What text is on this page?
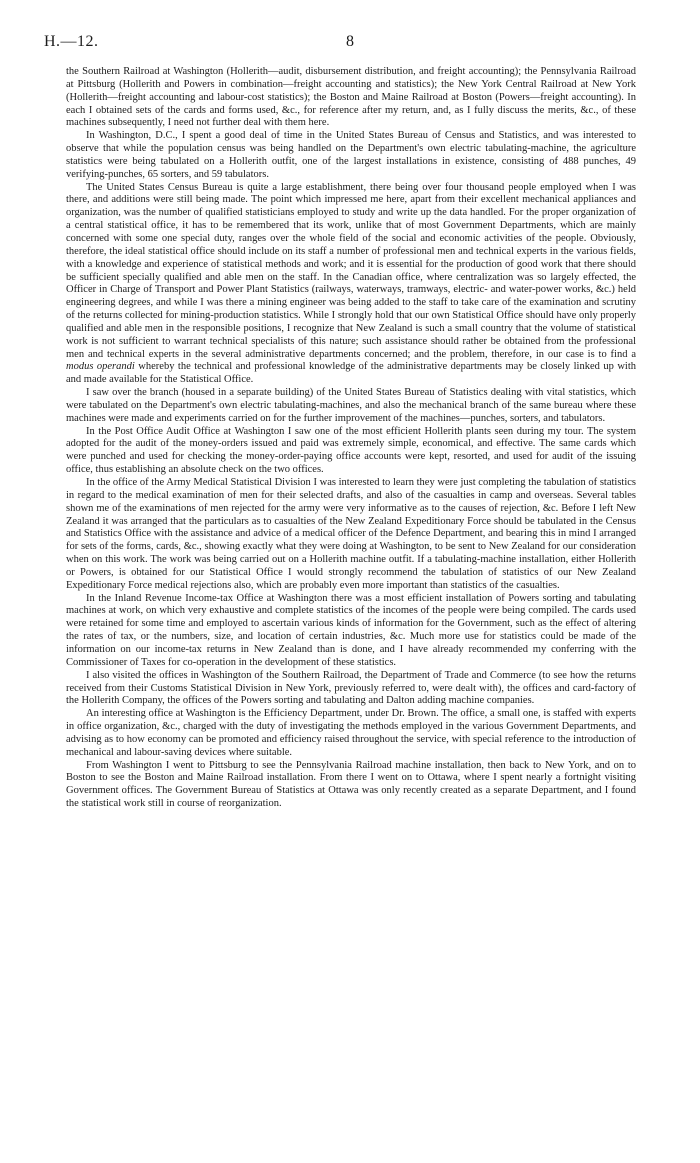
H.—12.	8

the Southern Railroad at Washington (Hollerith—audit, disbursement distribution, and freight accounting); the Pennsylvania Railroad at Pittsburg (Hollerith and Powers in combination—freight accounting and statistics); the New York Central Railroad at New York (Hollerith—freight accounting and labour-cost statistics); the Boston and Maine Railroad at Boston (Powers—freight accounting). In each I obtained sets of the cards and forms used, &c., for reference after my return, and, as I fully discuss the merits, &c., of these machines subsequently, I need not further deal with them here.

In Washington, D.C., I spent a good deal of time in the United States Bureau of Census and Statistics, and was interested to observe that while the population census was being handled on the Department's own electric tabulating-machine, the agriculture statistics were being tabulated on a Hollerith outfit, one of the largest installations in existence, consisting of 488 punches, 49 verifying-punches, 65 sorters, and 59 tabulators.

The United States Census Bureau is quite a large establishment, there being over four thousand people employed when I was there, and additions were still being made. The point which impressed me here, apart from their excellent mechanical appliances and organization, was the number of qualified statisticians employed to study and write up the data handled. For the proper organization of a central statistical office, it has to be remembered that its work, unlike that of most Government Departments, which are mainly concerned with some one special duty, ranges over the whole field of the social and economic activities of the people. Obviously, therefore, the ideal statistical office should include on its staff a number of professional men and technical experts in the various fields, with a knowledge and experience of statistical methods and work; and it is essential for the production of good work that there should be sufficient specially qualified and able men on the staff. In the Canadian office, where centralization was so largely effected, the Officer in Charge of Transport and Power Plant Statistics (railways, waterways, tramways, electric- and water-power works, &c.) held engineering degrees, and while I was there a mining engineer was being added to the staff to take care of the examination and scrutiny of the returns collected for mining-production statistics. While I strongly hold that our own Statistical Office should have only properly qualified and able men in the responsible positions, I recognize that New Zealand is such a small country that the volume of statistical work is not sufficient to warrant technical specialists of this nature; such assistance should rather be obtained from the professional men and technical experts in the several administrative departments concerned; and the problem, therefore, in our case is to find a modus operandi whereby the technical and professional knowledge of the administrative departments may be closely linked up with and made available for the Statistical Office.

I saw over the branch (housed in a separate building) of the United States Bureau of Statistics dealing with vital statistics, which were tabulated on the Department's own electric tabulating-machines, and also the mechanical branch of the same bureau where these machines were made and experiments carried on for the further improvement of the machines—punches, sorters, and tabulators.

In the Post Office Audit Office at Washington I saw one of the most efficient Hollerith plants seen during my tour. The system adopted for the audit of the money-orders issued and paid was extremely simple, economical, and effective. The same cards which were punched and used for checking the money-order-paying office accounts were kept, resorted, and used for audit of the issuing office, thus establishing an absolute check on the two offices.

In the office of the Army Medical Statistical Division I was interested to learn they were just completing the tabulation of statistics in regard to the medical examination of men for their selected drafts, and also of the casualties in camp and overseas. Several tables shown me of the examinations of men rejected for the army were very informative as to the causes of rejection, &c. Before I left New Zealand it was arranged that the particulars as to casualties of the New Zealand Expeditionary Force should be tabulated in the Census and Statistics Office with the assistance and advice of a medical officer of the Defence Department, and bearing this in mind I arranged for sets of the forms, cards, &c., showing exactly what they were doing at Washington, to be sent to New Zealand for our consideration when on this work. The work was being carried out on a Hollerith machine outfit. If a tabulating-machine installation, either Hollerith or Powers, is obtained for our Statistical Office I would strongly recommend the tabulation of statistics of our New Zealand Expeditionary Force medical rejections also, which are probably even more important than statistics of the casualties.

In the Inland Revenue Income-tax Office at Washington there was a most efficient installation of Powers sorting and tabulating machines at work, on which very exhaustive and complete statistics of the incomes of the people were being compiled. The cards used were retained for some time and employed to ascertain various kinds of information for the Government, such as the effect of altering the rates of tax, or the numbers, size, and location of certain industries, &c. Much more use for statistics could be made of the information on our income-tax returns in New Zealand than is done, and I have already recommended my conferring with the Commissioner of Taxes for co-operation in the development of these statistics.

I also visited the offices in Washington of the Southern Railroad, the Department of Trade and Commerce (to see how the returns received from their Customs Statistical Division in New York, previously referred to, were dealt with), the offices and card-factory of the Hollerith Company, the offices of the Powers sorting and tabulating and Dalton adding machine companies.

An interesting office at Washington is the Efficiency Department, under Dr. Brown. The office, a small one, is staffed with experts in office organization, &c., charged with the duty of investigating the methods employed in the various Government Departments, and advising as to how economy can be promoted and efficiency raised throughout the service, with special reference to the introduction of mechanical and labour-saving devices where suitable.

From Washington I went to Pittsburg to see the Pennsylvania Railroad machine installation, then back to New York, and on to Boston to see the Boston and Maine Railroad installation. From there I went on to Ottawa, where I spent nearly a fortnight visiting Government offices. The Government Bureau of Statistics at Ottawa was only recently created as a separate Department, and I found the statistical work still in course of reorganization.
